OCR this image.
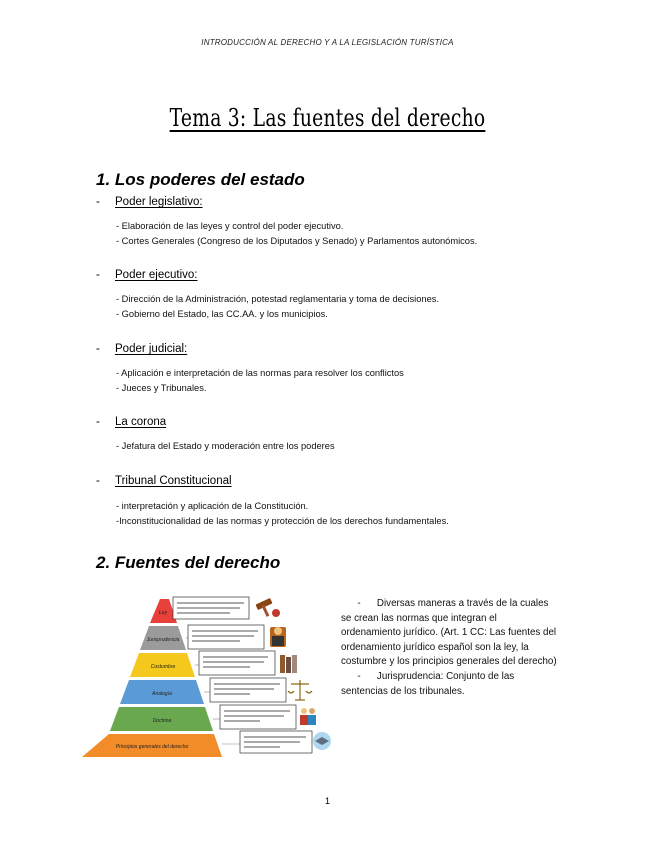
INTRODUCCIÓN AL DERECHO Y A LA LEGISLACIÓN TURÍSTICA
Tema 3: Las fuentes del derecho
1. Los poderes del estado
- Poder legislativo:
- Elaboración de las leyes y control del poder ejecutivo.
- Cortes Generales (Congreso de los Diputados y Senado) y Parlamentos autonómicos.
- Poder ejecutivo:
- Dirección de la Administración, potestad reglamentaria y toma de decisiones.
- Gobierno del Estado, las CC.AA. y los municipios.
- Poder judicial:
- Aplicación e interpretación de las normas para resolver los conflictos
- Jueces y Tribunales.
- La corona
- Jefatura del Estado y moderación entre los poderes
- Tribunal Constitucional
- interpretación y aplicación de la Constitución.
-Inconstitucionalidad de las normas y protección de los derechos fundamentales.
2. Fuentes del derecho
Ley
Jurisprudencia
Costumbre
Analogía
Doctrina
Principios generales del derecho
-      Diversas maneras a través de la cuales
se crean las normas que integran el
ordenamiento jurídico. (Art. 1 CC: Las fuentes del
ordenamiento jurídico español son la ley, la
costumbre y los principios generales del derecho)
-      Jurisprudencia: Conjunto de las
sentencias de los tribunales.
1
